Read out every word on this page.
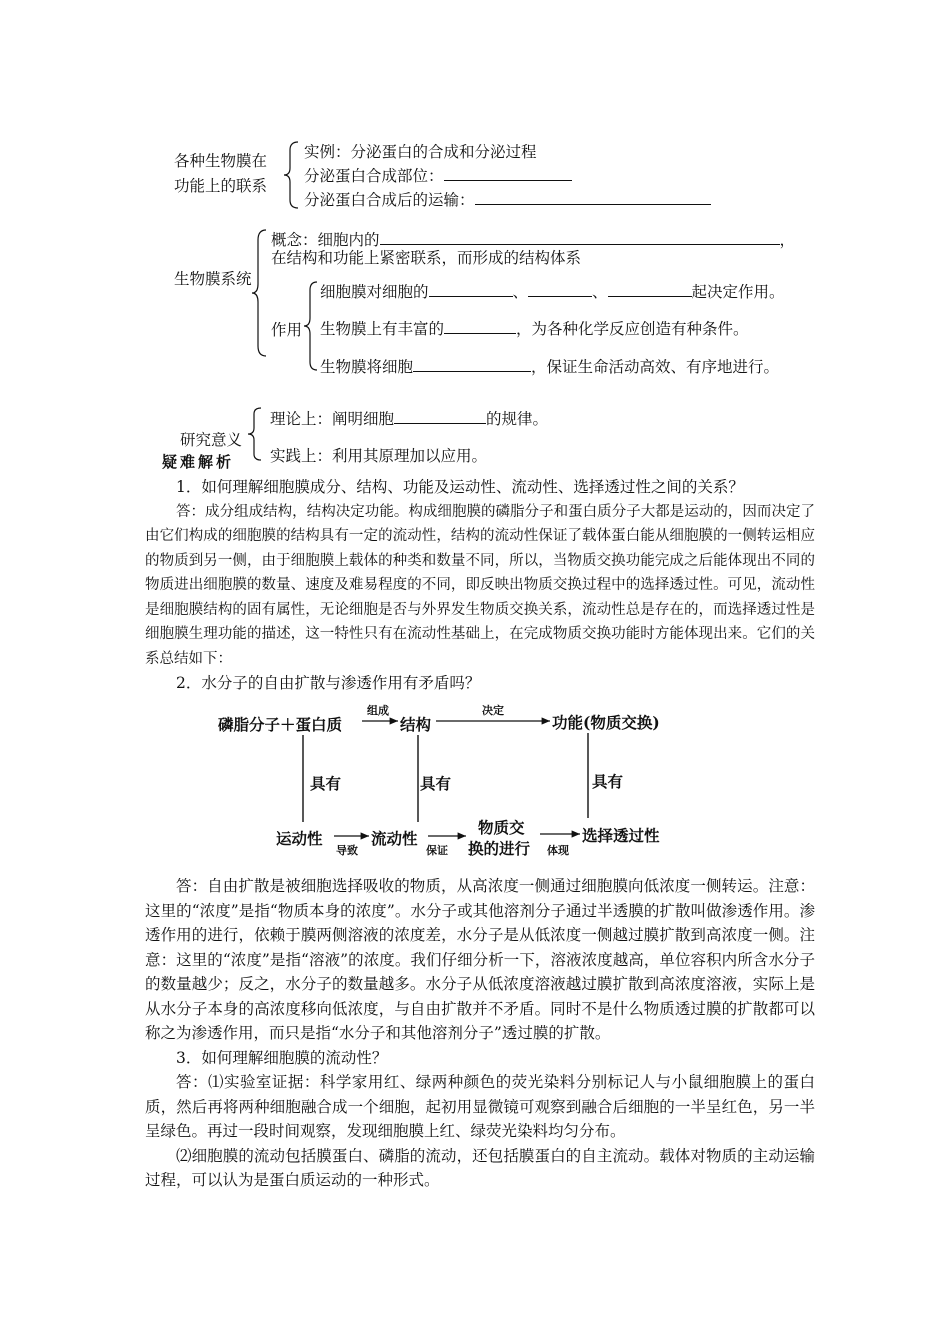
各种生物膜在
功能上的联系
实例：分泌蛋白的合成和分泌过程
分泌蛋白合成部位：
分泌蛋白合成后的运输：
生物膜系统
概念：细胞内的	，
在结构和功能上紧密联系，而形成的结构体系
作用
细胞膜对细胞的	、	、	起决定作用。
生物膜上有丰富的	，为各种化学反应创造有种条件。
生物膜将细胞	，保证生命活动高效、有序地进行。
研究意义
理论上：阐明细胞	的规律。
实践上：利用其原理加以应用。
疑难解析

1．如何理解细胞膜成分、结构、功能及运动性、流动性、选择透过性之间的关系？

答：成分组成结构，结构决定功能。构成细胞膜的磷脂分子和蛋白质分子大都是运动的，因而决定了由它们构成的细胞膜的结构具有一定的流动性，结构的流动性保证了载体蛋白能从细胞膜的一侧转运相应的物质到另一侧，由于细胞膜上载体的种类和数量不同，所以，当物质交换功能完成之后能体现出不同的物质进出细胞膜的数量、速度及难易程度的不同，即反映出物质交换过程中的选择透过性。可见，流动性是细胞膜结构的固有属性，无论细胞是否与外界发生物质交换关系，流动性总是存在的，而选择透过性是细胞膜生理功能的描述，这一特性只有在流动性基础上，在完成物质交换功能时方能体现出来。它们的关系总结如下：

2．水分子的自由扩散与渗透作用有矛盾吗？

磷脂分子＋蛋白质
组成
结构
决定
功能(物质交换)
具有	具有	具有
运动性
导致
流动性
保证
物质交
换的进行 体现
选择透过性

答：自由扩散是被细胞选择吸收的物质，从高浓度一侧通过细胞膜向低浓度一侧转运。注意：这里的“浓度”是指“物质本身的浓度”。水分子或其他溶剂分子通过半透膜的扩散叫做渗透作用。渗透作用的进行，依赖于膜两侧溶液的浓度差，水分子是从低浓度一侧越过膜扩散到高浓度一侧。注意：这里的“浓度”是指“溶液”的浓度。我们仔细分析一下，溶液浓度越高，单位容积内所含水分子的数量越少；反之，水分子的数量越多。水分子从低浓度溶液越过膜扩散到高浓度溶液，实际上是从水分子本身的高浓度移向低浓度，与自由扩散并不矛盾。同时不是什么物质透过膜的扩散都可以称之为渗透作用，而只是指“水分子和其他溶剂分子”透过膜的扩散。

3．如何理解细胞膜的流动性？

答：⑴实验室证据：科学家用红、绿两种颜色的荧光染料分别标记人与小鼠细胞膜上的蛋白质，然后再将两种细胞融合成一个细胞，起初用显微镜可观察到融合后细胞的一半呈红色，另一半呈绿色。再过一段时间观察，发现细胞膜上红、绿荧光染料均匀分布。

⑵细胞膜的流动包括膜蛋白、磷脂的流动，还包括膜蛋白的自主流动。载体对物质的主动运输过程，可以认为是蛋白质运动的一种形式。
